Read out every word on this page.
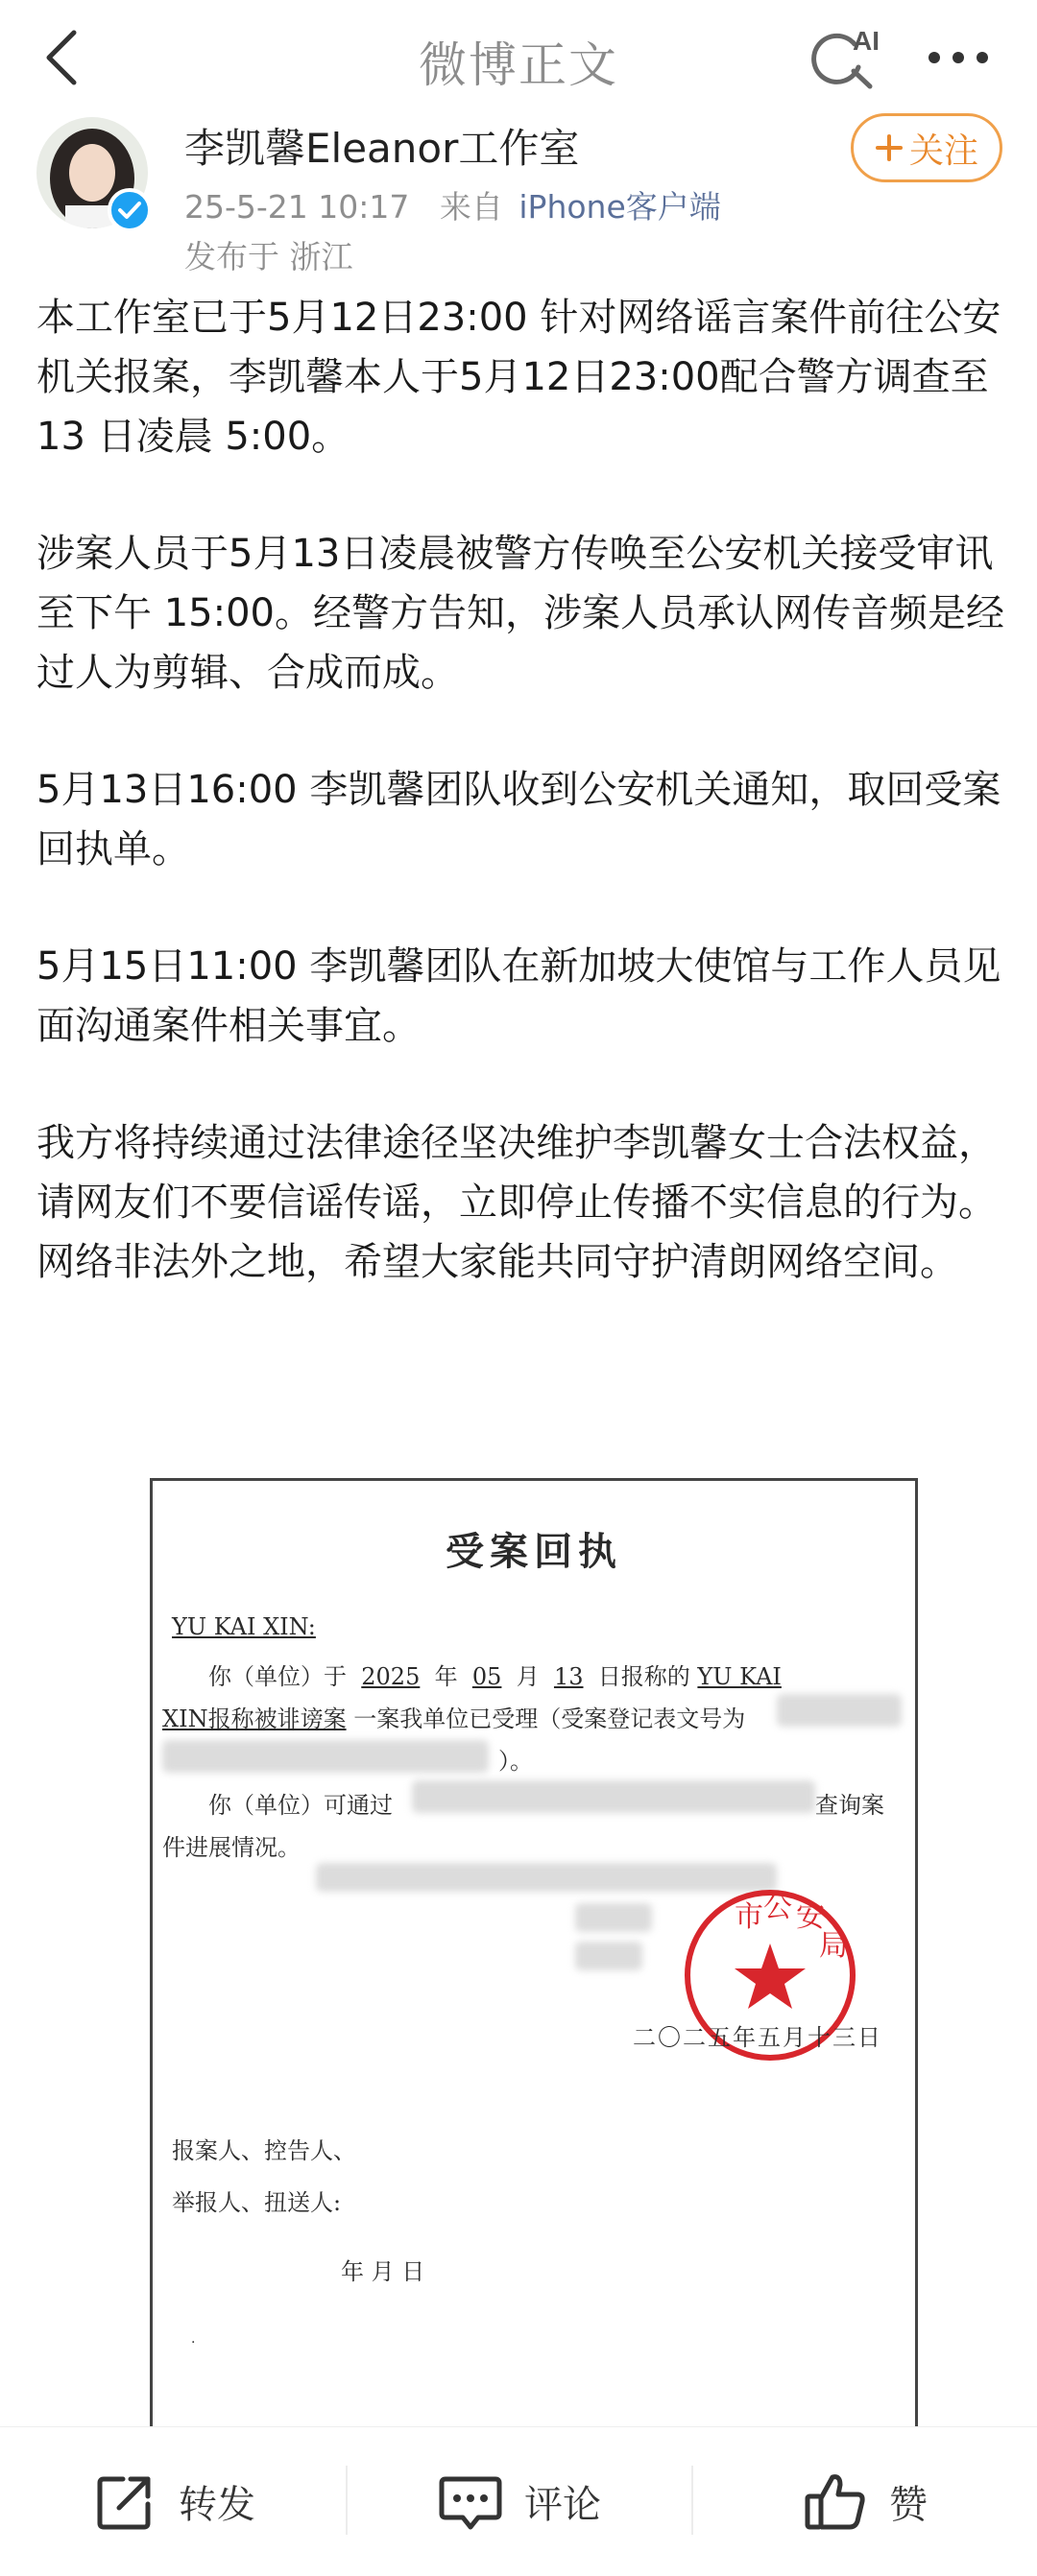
微博正文	AI
李凯馨Eleanor工作室
25-5-21 10:17 来自 iPhone客户端
发布于 浙江
关注

本工作室已于5月12日23:00 针对网络谣言案件前往公安机关报案，李凯馨本人于5月12日23:00配合警方调查至13 日凌晨 5:00。

涉案人员于5月13日凌晨被警方传唤至公安机关接受审讯至下午 15:00。经警方告知，涉案人员承认网传音频是经过人为剪辑、合成而成。

5月13日16:00 李凯馨团队收到公安机关通知，取回受案回执单。

5月15日11:00 李凯馨团队在新加坡大使馆与工作人员见面沟通案件相关事宜。

我方将持续通过法律途径坚决维护李凯馨女士合法权益， 请网友们不要信谣传谣，立即停止传播不实信息的行为。网络非法外之地，希望大家能共同守护清朗网络空间。

受案回执
YU KAI XIN:
你（单位）于 2025 年 05 月 13 日报称的 YU KAI
XIN报称被诽谤案 一案我单位已受理（受案登记表文号为
）。
你（单位）可通过	查询案
件进展情况。
市 公 安
局
二〇二五年五月十三日
报案人、控告人、
举报人、扭送人:
年 月 日
·
转发	评论	赞
